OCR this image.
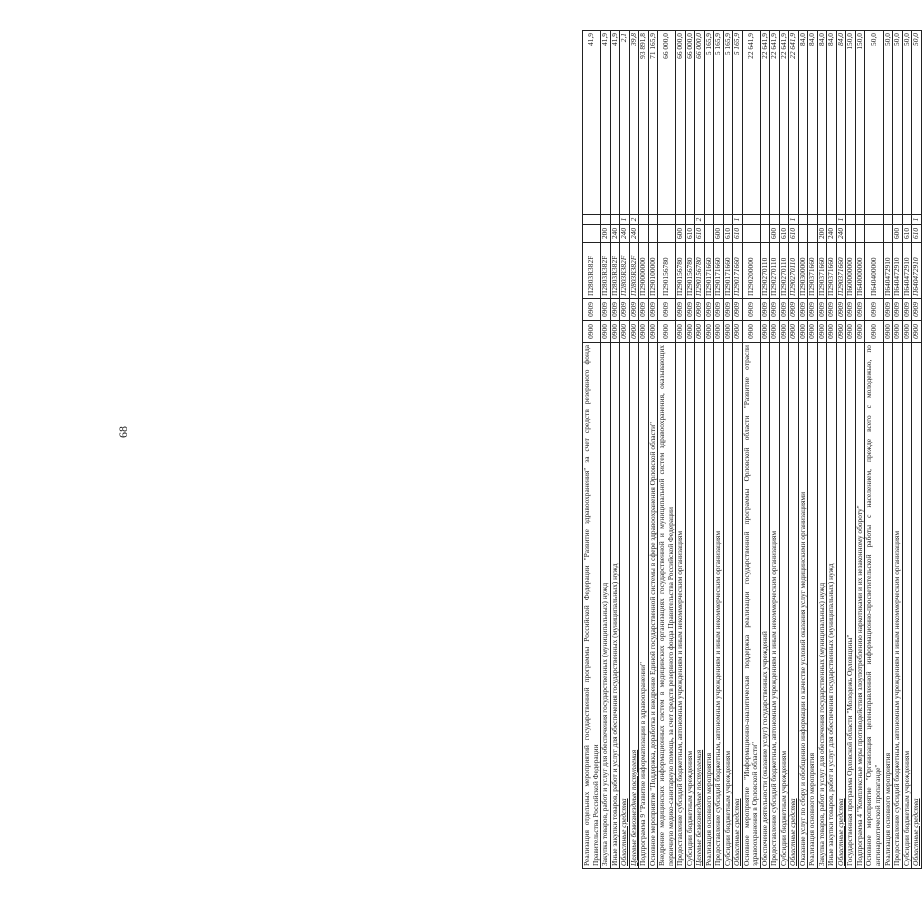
68	Реализация отдельных мероприятий государственной программы Российской Федерации "Развитие здравоохранения" за счет средств резервного фонда Правительства Российской Федерации	0900	0909	П2803R382F			41,9
Закупка товаров, работ и услуг для обеспечения государственных (муниципальных) нужд	0900	0909	П2803R382F	200		41,9
Иные закупки товаров, работ и услуг для обеспечения государственных (муниципальных) нужд	0900	0909	П2803R382F	240		41,9
Областные средства	0900	0909	П2803R382F	240	1	2,1
Целевые безвозмездные поступления	0900	0909	П2803R382F	240	2	39,8
Подпрограмма 9 "Развитие информатизации в здравоохранении"	0900	0909	П290000000			93 891,8
Основное мероприятие "Поддержка, доработка и внедрение Единой государственной системы в сфере здравоохранения Орловской области"	0900	0909	П290100000			71 165,9
Внедрение медицинских информационных систем в медицинских организациях государственной и муниципальной систем здравоохранения, оказывающих первичную медико-санитарную помощь, за счет средств резервного фонда Правительства Российской Федерации	0900	0909	П290156780			66 000,0
Предоставление субсидий бюджетным, автономным учреждениям и иным некоммерческим организациям	0900	0909	П290156780	600		66 000,0
Субсидии бюджетным учреждениям	0900	0909	П290156780	610		66 000,0
Целевые безвозмездные поступления	0900	0909	П290156780	610	2	66 000,0
Реализация основного мероприятия	0900	0909	П290171660			5 165,9
Предоставление субсидий бюджетным, автономным учреждениям и иным некоммерческим организациям	0900	0909	П290171660	600		5 165,9
Субсидии бюджетным учреждениям	0900	0909	П290171660	610		5 165,9
Областные средства	0900	0909	П290171660	610	1	5 165,9
Основное мероприятие "Информационно-аналитическая поддержка реализации государственной программы Орловской области "Развитие отрасли здравоохранения в Орловской области"	0900	0909	П290200000			22 641,9
Обеспечение деятельности (оказание услуг) государственных учреждений	0900	0909	П290270110			22 641,9
Предоставление субсидий бюджетным, автономным учреждениям и иным некоммерческим организациям	0900	0909	П290270110	600		22 641,9
Субсидии бюджетным учреждениям	0900	0909	П290270110	610		22 641,9
Областные средства	0900	0909	П290270110	610	1	22 641,9
Оказание услуг по сбору и обобщению информации о качестве условий оказания услуг медицинскими организациями	0900	0909	П290300000			84,0
Реализация основного мероприятия	0900	0909	П290371660			84,0
Закупка товаров, работ и услуг для обеспечения государственных (муниципальных) нужд	0900	0909	П290371660	200		84,0
Иные закупки товаров, работ и услуг для обеспечения государственных (муниципальных) нужд	0900	0909	П290371660	240		84,0
Областные средства	0900	0909	П290371660	240	1	84,0
Государственная программа Орловской области "Молодежь Орловщины"	0900	0909	П600000000			150,0
Подпрограмма 4 "Комплексные меры противодействия злоупотреблению наркотиками и их незаконному обороту"	0900	0909	П640000000			150,0
Основное мероприятие "Организация целенаправленной информационно-просветительской работы с населением, прежде всего с молодежью, по антинаркотической пропаганде"	0900	0909	П640400000			50,0
Реализация основного мероприятия	0900	0909	П640472910			50,0
Предоставление субсидий бюджетным, автономным учреждениям и иным некоммерческим организациям	0900	0909	П640472910	600		50,0
Субсидии бюджетным учреждениям	0900	0909	П640472910	610		50,0
Областные средства	0900	0909	П640472910	610	1	50,0
